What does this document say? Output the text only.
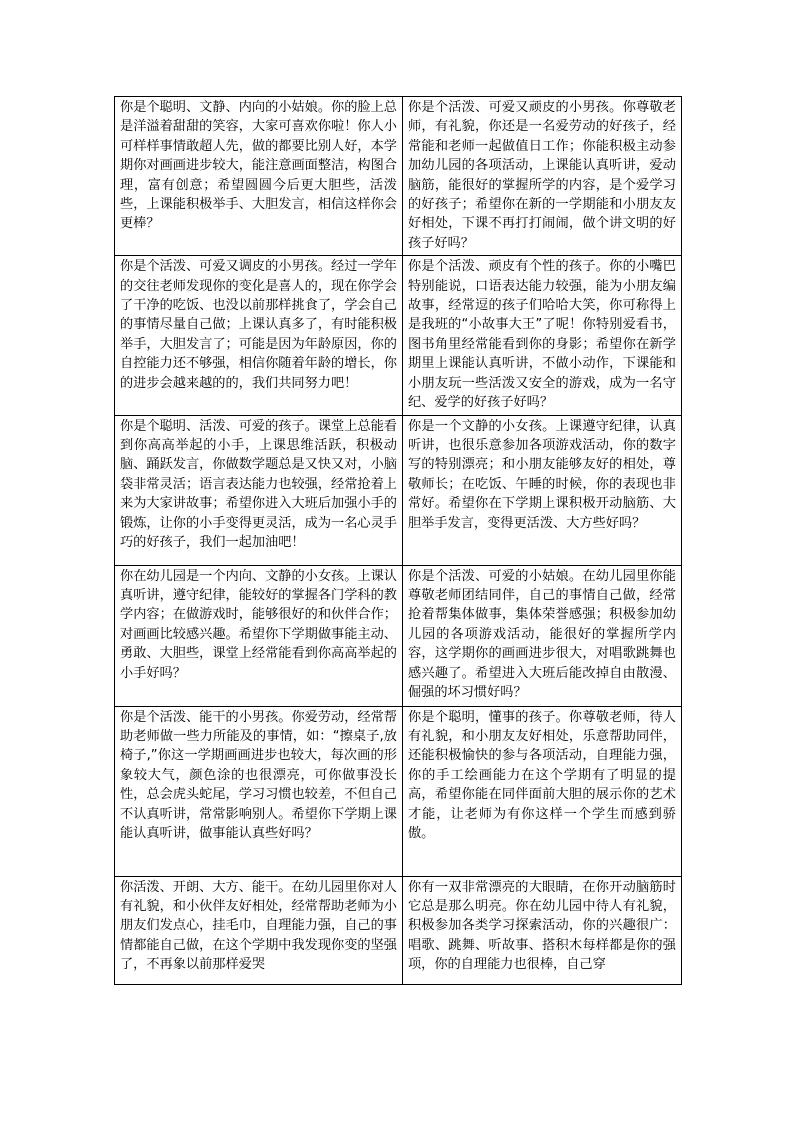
你是个聪明、文静、内向的小姑娘。你的脸上总是洋溢着甜甜的笑容，大家可喜欢你啦！你人小可样样事情敢超人先，做的都要比别人好，本学期你对画画进步较大，能注意画面整洁，构图合理，富有创意；希望圆圆今后更大胆些，活泼些，上课能积极举手、大胆发言，相信这样你会更棒？	你是个活泼、可爱又顽皮的小男孩。你尊敬老师，有礼貌，你还是一名爱劳动的好孩子，经常能和老师一起做值日工作；你能积极主动参加幼儿园的各项活动，上课能认真听讲，爱动脑筋，能很好的掌握所学的内容，是个爱学习的好孩子；希望你在新的一学期能和小朋友友好相处，下课不再打打闹闹，做个讲文明的好孩子好吗？
你是个活泼、可爱又调皮的小男孩。经过一学年的交往老师发现你的变化是喜人的，现在你学会了干净的吃饭、也没以前那样挑食了，学会自己的事情尽量自己做；上课认真多了，有时能积极举手，大胆发言了；可能是因为年龄原因，你的自控能力还不够强，相信你随着年龄的增长，你的进步会越来越的的，我们共同努力吧！	你是个活泼、顽皮有个性的孩子。你的小嘴巴特别能说，口语表达能力较强，能为小朋友编故事，经常逗的孩子们哈哈大笑，你可称得上是我班的“小故事大王”了呢！你特别爱看书，图书角里经常能看到你的身影；希望你在新学期里上课能认真听讲，不做小动作，下课能和小朋友玩一些活泼又安全的游戏，成为一名守纪、爱学的好孩子好吗？
你是个聪明、活泼、可爱的孩子。课堂上总能看到你高高举起的小手，上课思维活跃，积极动脑、踊跃发言，你做数学题总是又快又对，小脑袋非常灵活；语言表达能力也较强，经常抢着上来为大家讲故事；希望你进入大班后加强小手的锻炼，让你的小手变得更灵活，成为一名心灵手巧的好孩子，我们一起加油吧！	你是一个文静的小女孩。上课遵守纪律，认真听讲，也很乐意参加各项游戏活动，你的数字写的特别漂亮；和小朋友能够友好的相处，尊敬师长；在吃饭、午睡的时候，你的表现也非常好。希望你在下学期上课积极开动脑筋、大胆举手发言，变得更活泼、大方些好吗？
你在幼儿园是一个内向、文静的小女孩。上课认真听讲，遵守纪律，能较好的掌握各门学科的教学内容；在做游戏时，能够很好的和伙伴合作；对画画比较感兴趣。希望你下学期做事能主动、勇敢、大胆些，课堂上经常能看到你高高举起的小手好吗？	你是个活泼、可爱的小姑娘。在幼儿园里你能尊敬老师团结同伴，自己的事情自己做，经常抢着帮集体做事，集体荣誉感强；积极参加幼儿园的各项游戏活动，能很好的掌握所学内容，这学期你的画画进步很大，对唱歌跳舞也感兴趣了。希望进入大班后能改掉自由散漫、倔强的坏习惯好吗？
你是个活泼、能干的小男孩。你爱劳动，经常帮助老师做一些力所能及的事情，如：“擦桌子,放椅子,”你这一学期画画进步也较大，每次画的形象较大气，颜色涂的也很漂亮，可你做事没长性，总会虎头蛇尾，学习习惯也较差，不但自己不认真听讲，常常影响别人。希望你下学期上课能认真听讲，做事能认真些好吗？	你是个聪明，懂事的孩子。你尊敬老师，待人有礼貌，和小朋友友好相处，乐意帮助同伴，还能积极愉快的参与各项活动，自理能力强，你的手工绘画能力在这个学期有了明显的提高，希望你能在同伴面前大胆的展示你的艺术才能，让老师为有你这样一个学生而感到骄傲。
你活泼、开朗、大方、能干。在幼儿园里你对人有礼貌，和小伙伴友好相处，经常帮助老师为小朋友们发点心，挂毛巾，自理能力强，自己的事情都能自己做，在这个学期中我发现你变的坚强了，不再象以前那样爱哭	你有一双非常漂亮的大眼睛，在你开动脑筋时它总是那么明亮。你在幼儿园中待人有礼貌，积极参加各类学习探索活动，你的兴趣很广：唱歌、跳舞、听故事、搭积木每样都是你的强项，你的自理能力也很棒，自己穿
